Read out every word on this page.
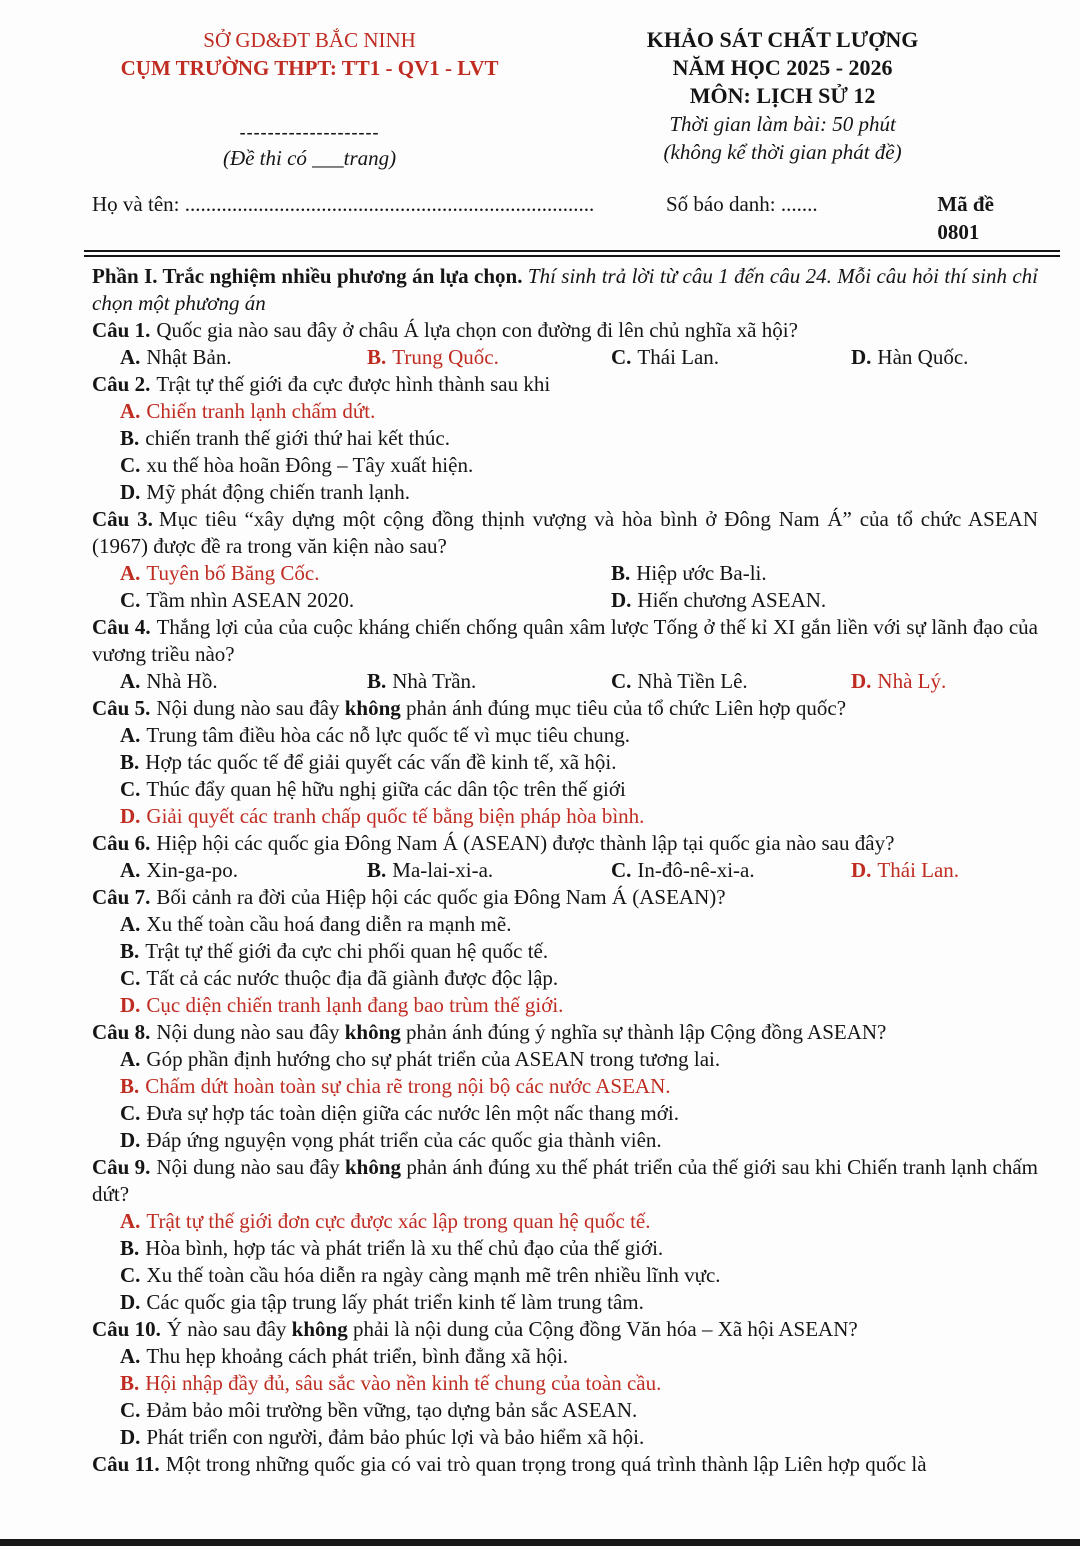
SỞ GD&ĐT BẮC NINH
CỤM TRƯỜNG THPT: TT1 - QV1 - LVT
--------------------
(Đề thi có ___trang)
KHẢO SÁT CHẤT LƯỢNG
NĂM HỌC 2025 - 2026
MÔN: LỊCH SỬ 12
Thời gian làm bài: 50 phút
(không kể thời gian phát đề)
Họ và tên: ..............................................................................	Số báo danh: .......	Mã đề 0801
Phần I. Trắc nghiệm nhiều phương án lựa chọn. Thí sinh trả lời từ câu 1 đến câu 24. Mỗi câu hỏi thí sinh chỉ chọn một phương án
Câu 1. Quốc gia nào sau đây ở châu Á lựa chọn con đường đi lên chủ nghĩa xã hội?
A. Nhật Bản.	B. Trung Quốc.	C. Thái Lan.	D. Hàn Quốc.
Câu 2. Trật tự thế giới đa cực được hình thành sau khi
A. Chiến tranh lạnh chấm dứt.
B. chiến tranh thế giới thứ hai kết thúc.
C. xu thế hòa hoãn Đông – Tây xuất hiện.
D. Mỹ phát động chiến tranh lạnh.
Câu 3. Mục tiêu “xây dựng một cộng đồng thịnh vượng và hòa bình ở Đông Nam Á” của tổ chức ASEAN (1967) được đề ra trong văn kiện nào sau?
A. Tuyên bố Băng Cốc.	B. Hiệp ước Ba-li.
C. Tầm nhìn ASEAN 2020.	D. Hiến chương ASEAN.
Câu 4. Thắng lợi của của cuộc kháng chiến chống quân xâm lược Tống ở thế kỉ XI gắn liền với sự lãnh đạo của vương triều nào?
A. Nhà Hồ.	B. Nhà Trần.	C. Nhà Tiền Lê.	D. Nhà Lý.
Câu 5. Nội dung nào sau đây không phản ánh đúng mục tiêu của tổ chức Liên hợp quốc?
A. Trung tâm điều hòa các nỗ lực quốc tế vì mục tiêu chung.
B. Hợp tác quốc tế để giải quyết các vấn đề kinh tế, xã hội.
C. Thúc đẩy quan hệ hữu nghị giữa các dân tộc trên thế giới
D. Giải quyết các tranh chấp quốc tế bằng biện pháp hòa bình.
Câu 6. Hiệp hội các quốc gia Đông Nam Á (ASEAN) được thành lập tại quốc gia nào sau đây?
A. Xin-ga-po.	B. Ma-lai-xi-a.	C. In-đô-nê-xi-a.	D. Thái Lan.
Câu 7. Bối cảnh ra đời của Hiệp hội các quốc gia Đông Nam Á (ASEAN)?
A. Xu thế toàn cầu hoá đang diễn ra mạnh mẽ.
B. Trật tự thế giới đa cực chi phối quan hệ quốc tế.
C. Tất cả các nước thuộc địa đã giành được độc lập.
D. Cục diện chiến tranh lạnh đang bao trùm thế giới.
Câu 8. Nội dung nào sau đây không phản ánh đúng ý nghĩa sự thành lập Cộng đồng ASEAN?
A. Góp phần định hướng cho sự phát triển của ASEAN trong tương lai.
B. Chấm dứt hoàn toàn sự chia rẽ trong nội bộ các nước ASEAN.
C. Đưa sự hợp tác toàn diện giữa các nước lên một nấc thang mới.
D. Đáp ứng nguyện vọng phát triển của các quốc gia thành viên.
Câu 9. Nội dung nào sau đây không phản ánh đúng xu thế phát triển của thế giới sau khi Chiến tranh lạnh chấm dứt?
A. Trật tự thế giới đơn cực được xác lập trong quan hệ quốc tế.
B. Hòa bình, hợp tác và phát triển là xu thế chủ đạo của thế giới.
C. Xu thế toàn cầu hóa diễn ra ngày càng mạnh mẽ trên nhiều lĩnh vực.
D. Các quốc gia tập trung lấy phát triển kinh tế làm trung tâm.
Câu 10. Ý nào sau đây không phải là nội dung của Cộng đồng Văn hóa – Xã hội ASEAN?
A. Thu hẹp khoảng cách phát triển, bình đẳng xã hội.
B. Hội nhập đầy đủ, sâu sắc vào nền kinh tế chung của toàn cầu.
C. Đảm bảo môi trường bền vững, tạo dựng bản sắc ASEAN.
D. Phát triển con người, đảm bảo phúc lợi và bảo hiểm xã hội.
Câu 11. Một trong những quốc gia có vai trò quan trọng trong quá trình thành lập Liên hợp quốc là
